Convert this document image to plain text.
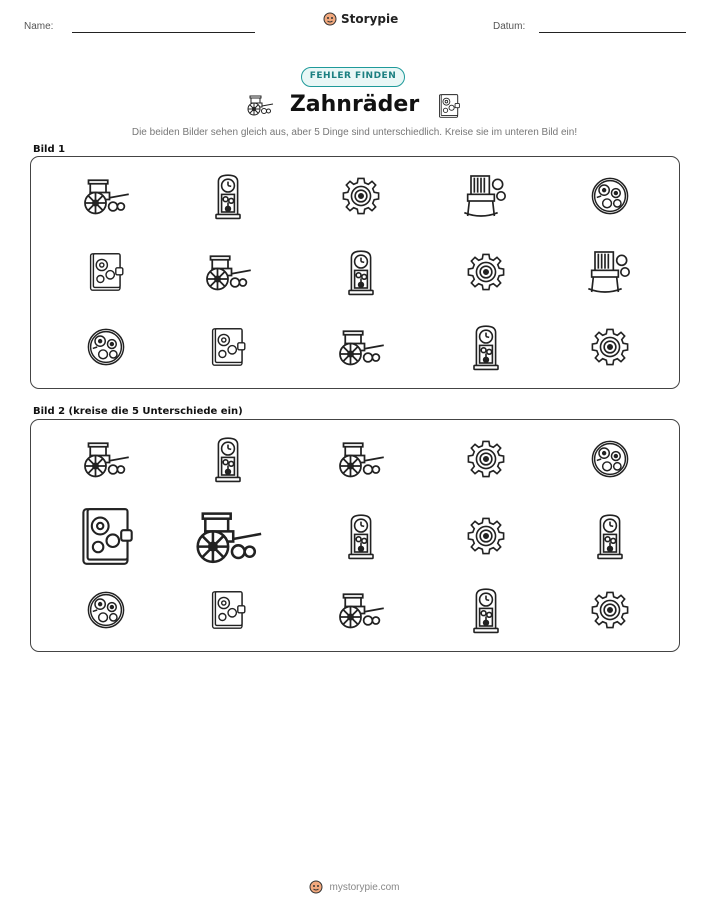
Name:
Storypie
Datum:
FEHLER FINDEN
Zahnräder
Die beiden Bilder sehen gleich aus, aber 5 Dinge sind unterschiedlich. Kreise sie im unteren Bild ein!
Bild 1
Bild 2 (kreise die 5 Unterschiede ein)
mystorypie.com
